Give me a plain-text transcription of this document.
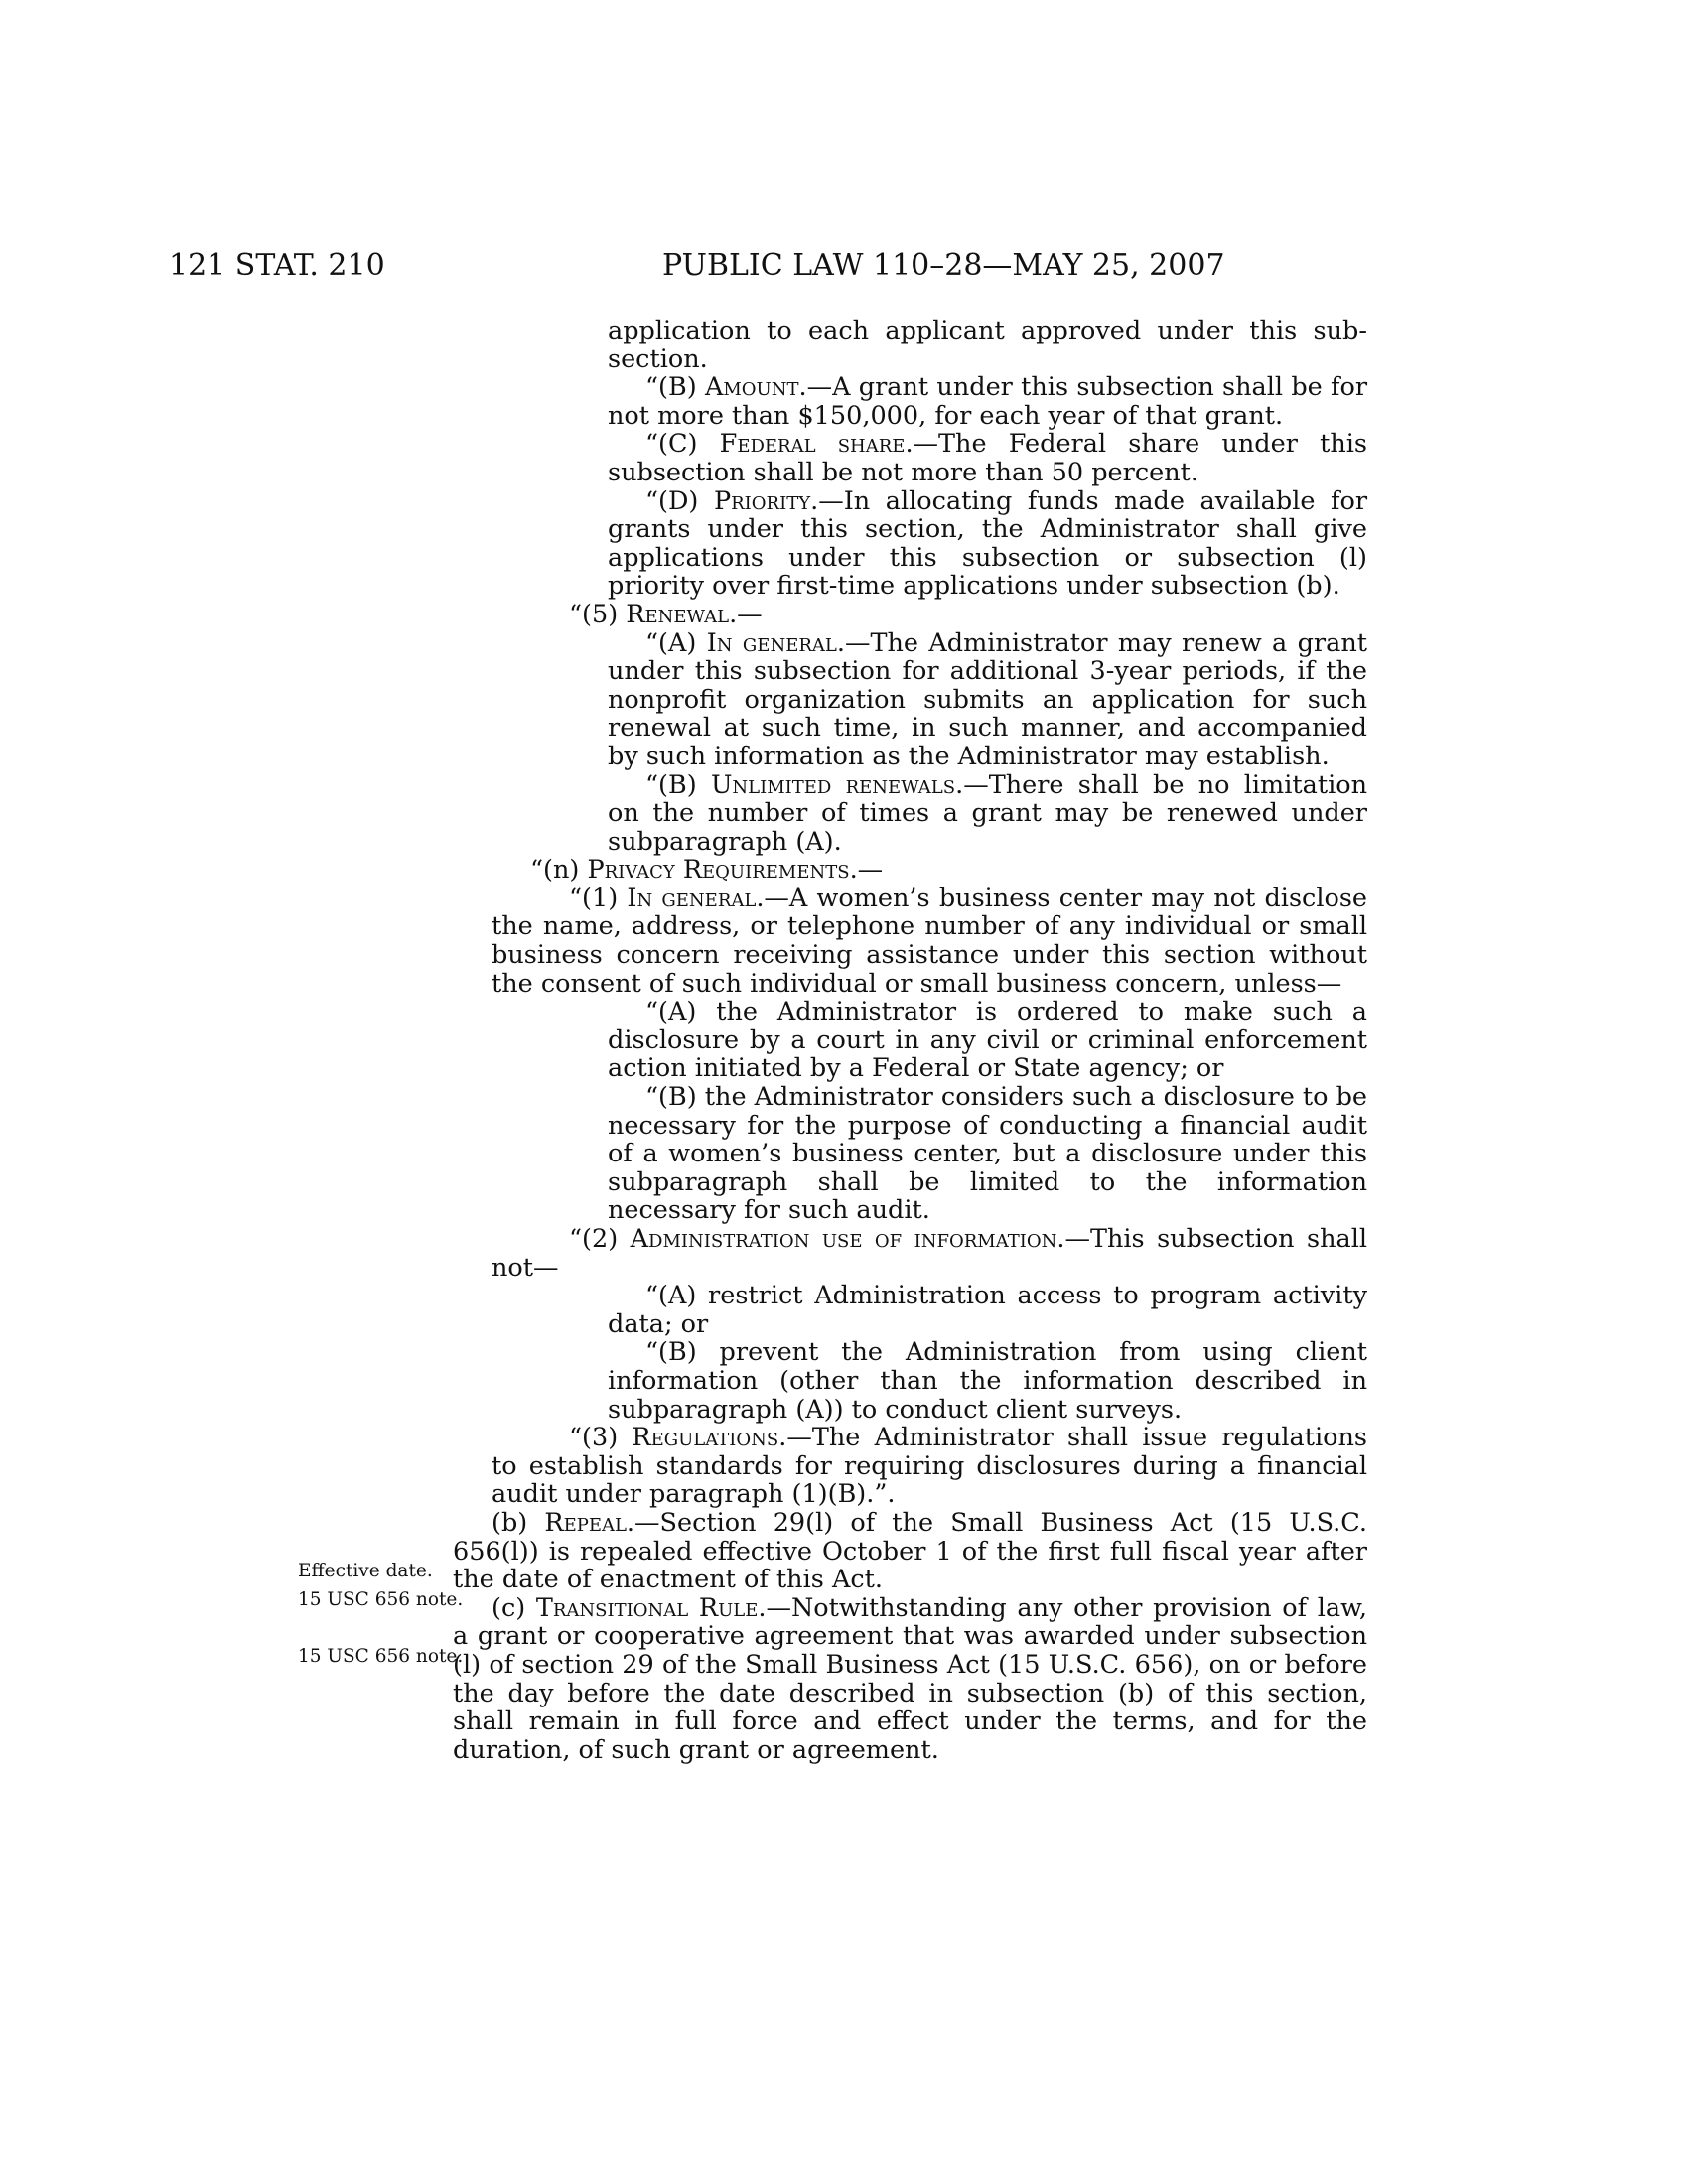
121 STAT. 210	PUBLIC LAW 110–28—MAY 25, 2007
Effective date.
15 USC 656 note.
15 USC 656 note.

application to each applicant approved under this sub-section.

“(B) Amount.—A grant under this subsection shall be for not more than $150,000, for each year of that grant.

“(C) Federal share.—The Federal share under this subsection shall be not more than 50 percent.

“(D) Priority.—In allocating funds made available for grants under this section, the Administrator shall give applications under this subsection or subsection (l) priority over first-time applications under subsection (b).

“(5) Renewal.—

“(A) In general.—The Administrator may renew a grant under this subsection for additional 3-year periods, if the nonprofit organization submits an application for such renewal at such time, in such manner, and accompanied by such information as the Administrator may establish.

“(B) Unlimited renewals.—There shall be no limitation on the number of times a grant may be renewed under subparagraph (A).

“(n) Privacy Requirements.—

“(1) In general.—A women’s business center may not disclose the name, address, or telephone number of any individual or small business concern receiving assistance under this section without the consent of such individual or small business concern, unless—

“(A) the Administrator is ordered to make such a disclosure by a court in any civil or criminal enforcement action initiated by a Federal or State agency; or

“(B) the Administrator considers such a disclosure to be necessary for the purpose of conducting a financial audit of a women’s business center, but a disclosure under this subparagraph shall be limited to the information necessary for such audit.

“(2) Administration use of information.—This subsection shall not—

“(A) restrict Administration access to program activity data; or

“(B) prevent the Administration from using client information (other than the information described in subparagraph (A)) to conduct client surveys.

“(3) Regulations.—The Administrator shall issue regulations to establish standards for requiring disclosures during a financial audit under paragraph (1)(B).”.

(b) Repeal.—Section 29(l) of the Small Business Act (15 U.S.C. 656(l)) is repealed effective October 1 of the first full fiscal year after the date of enactment of this Act.

(c) Transitional Rule.—Notwithstanding any other provision of law, a grant or cooperative agreement that was awarded under subsection (l) of section 29 of the Small Business Act (15 U.S.C. 656), on or before the day before the date described in subsection (b) of this section, shall remain in full force and effect under the terms, and for the duration, of such grant or agreement.
